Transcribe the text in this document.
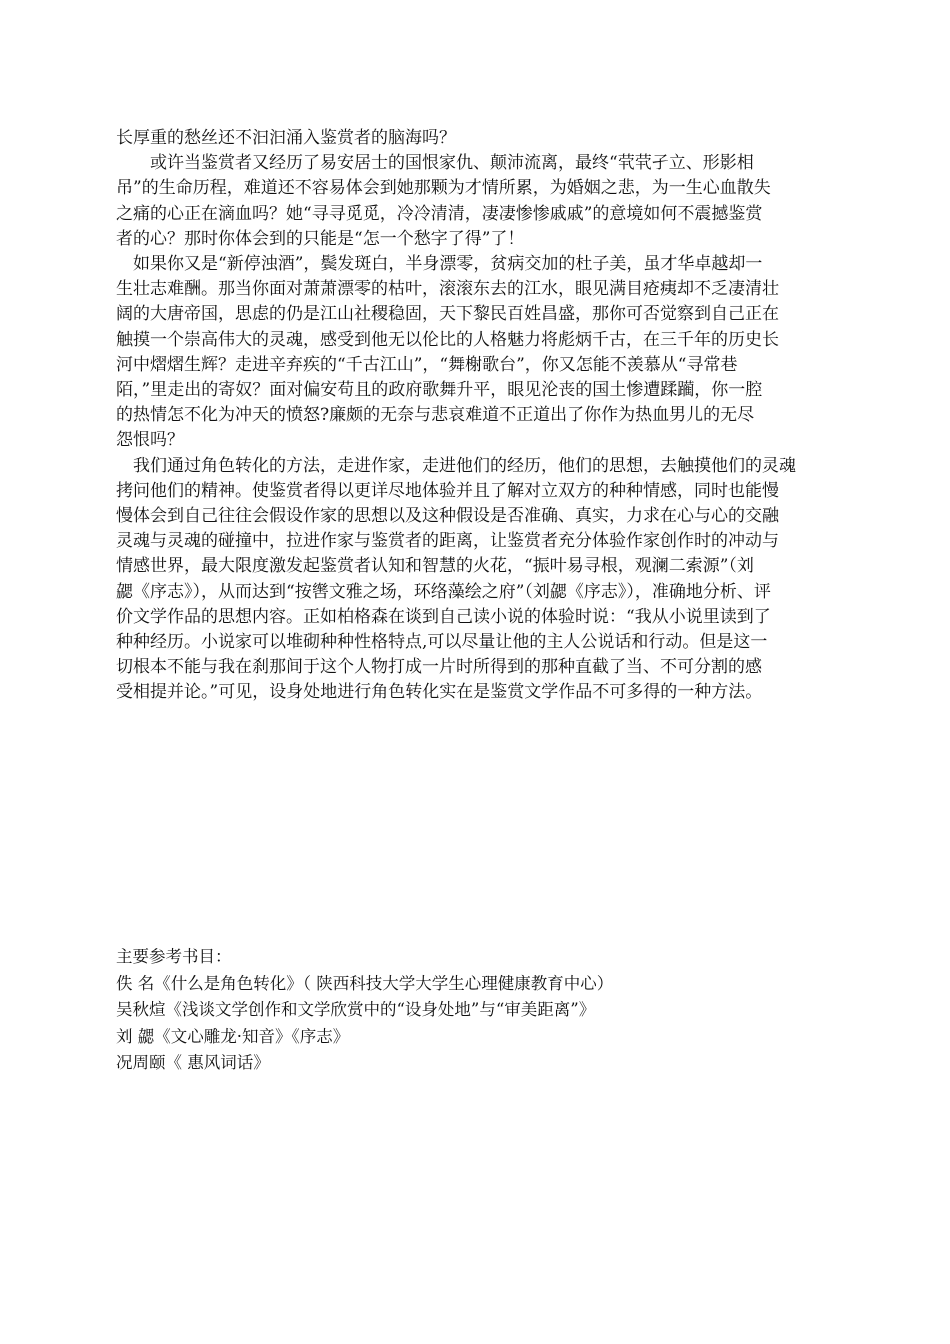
长厚重的愁丝还不汩汩涌入鉴赏者的脑海吗？

　　或许当鉴赏者又经历了易安居士的国恨家仇、颠沛流离，最终“茕茕孑立、形影相
吊”的生命历程，难道还不容易体会到她那颗为才情所累，为婚姻之悲，为一生心血散失
之痛的心正在滴血吗？她“寻寻觅觅，冷冷清清，凄凄惨惨戚戚”的意境如何不震撼鉴赏
者的心？那时你体会到的只能是“怎一个愁字了得”了！

　如果你又是“新停浊酒”，鬓发斑白，半身漂零，贫病交加的杜子美，虽才华卓越却一
生壮志难酬。那当你面对萧萧漂零的枯叶，滚滚东去的江水，眼见满目疮痍却不乏凄清壮
阔的大唐帝国，思虑的仍是江山社稷稳固，天下黎民百姓昌盛，那你可否觉察到自己正在
触摸一个崇高伟大的灵魂，感受到他无以伦比的人格魅力将彪炳千古，在三千年的历史长
河中熠熠生辉？走进辛弃疾的“千古江山”，“舞榭歌台”，你又怎能不羡慕从“寻常巷
陌，”里走出的寄奴？面对偏安苟且的政府歌舞升平，眼见沦丧的国土惨遭蹂躏，你一腔
的热情怎不化为冲天的愤怒?廉颇的无奈与悲哀难道不正道出了你作为热血男儿的无尽
怨恨吗？

　我们通过角色转化的方法，走进作家，走进他们的经历，他们的思想，去触摸他们的灵魂
拷问他们的精神。使鉴赏者得以更详尽地体验并且了解对立双方的种种情感，同时也能慢
慢体会到自己往往会假设作家的思想以及这种假设是否准确、真实，力求在心与心的交融
灵魂与灵魂的碰撞中，拉进作家与鉴赏者的距离，让鉴赏者充分体验作家创作时的冲动与
情感世界，最大限度激发起鉴赏者认知和智慧的火花，“振叶易寻根，观澜二索源”（刘
勰《序志》），从而达到“按辔文雅之场，环络藻绘之府”（刘勰《序志》），准确地分析、评
价文学作品的思想内容。正如柏格森在谈到自己读小说的体验时说：“我从小说里读到了
种种经历。小说家可以堆砌种种性格特点,可以尽量让他的主人公说话和行动。但是这一
切根本不能与我在刹那间于这个人物打成一片时所得到的那种直截了当、不可分割的感
受相提并论。”可见，设身处地进行角色转化实在是鉴赏文学作品不可多得的一种方法。

主要参考书目：
佚 名《什么是角色转化》（ 陕西科技大学大学生心理健康教育中心）
吴秋煊《浅谈文学创作和文学欣赏中的“设身处地”与“审美距离”》
刘 勰《文心雕龙·知音》《序志》
况周颐《 惠风词话》
